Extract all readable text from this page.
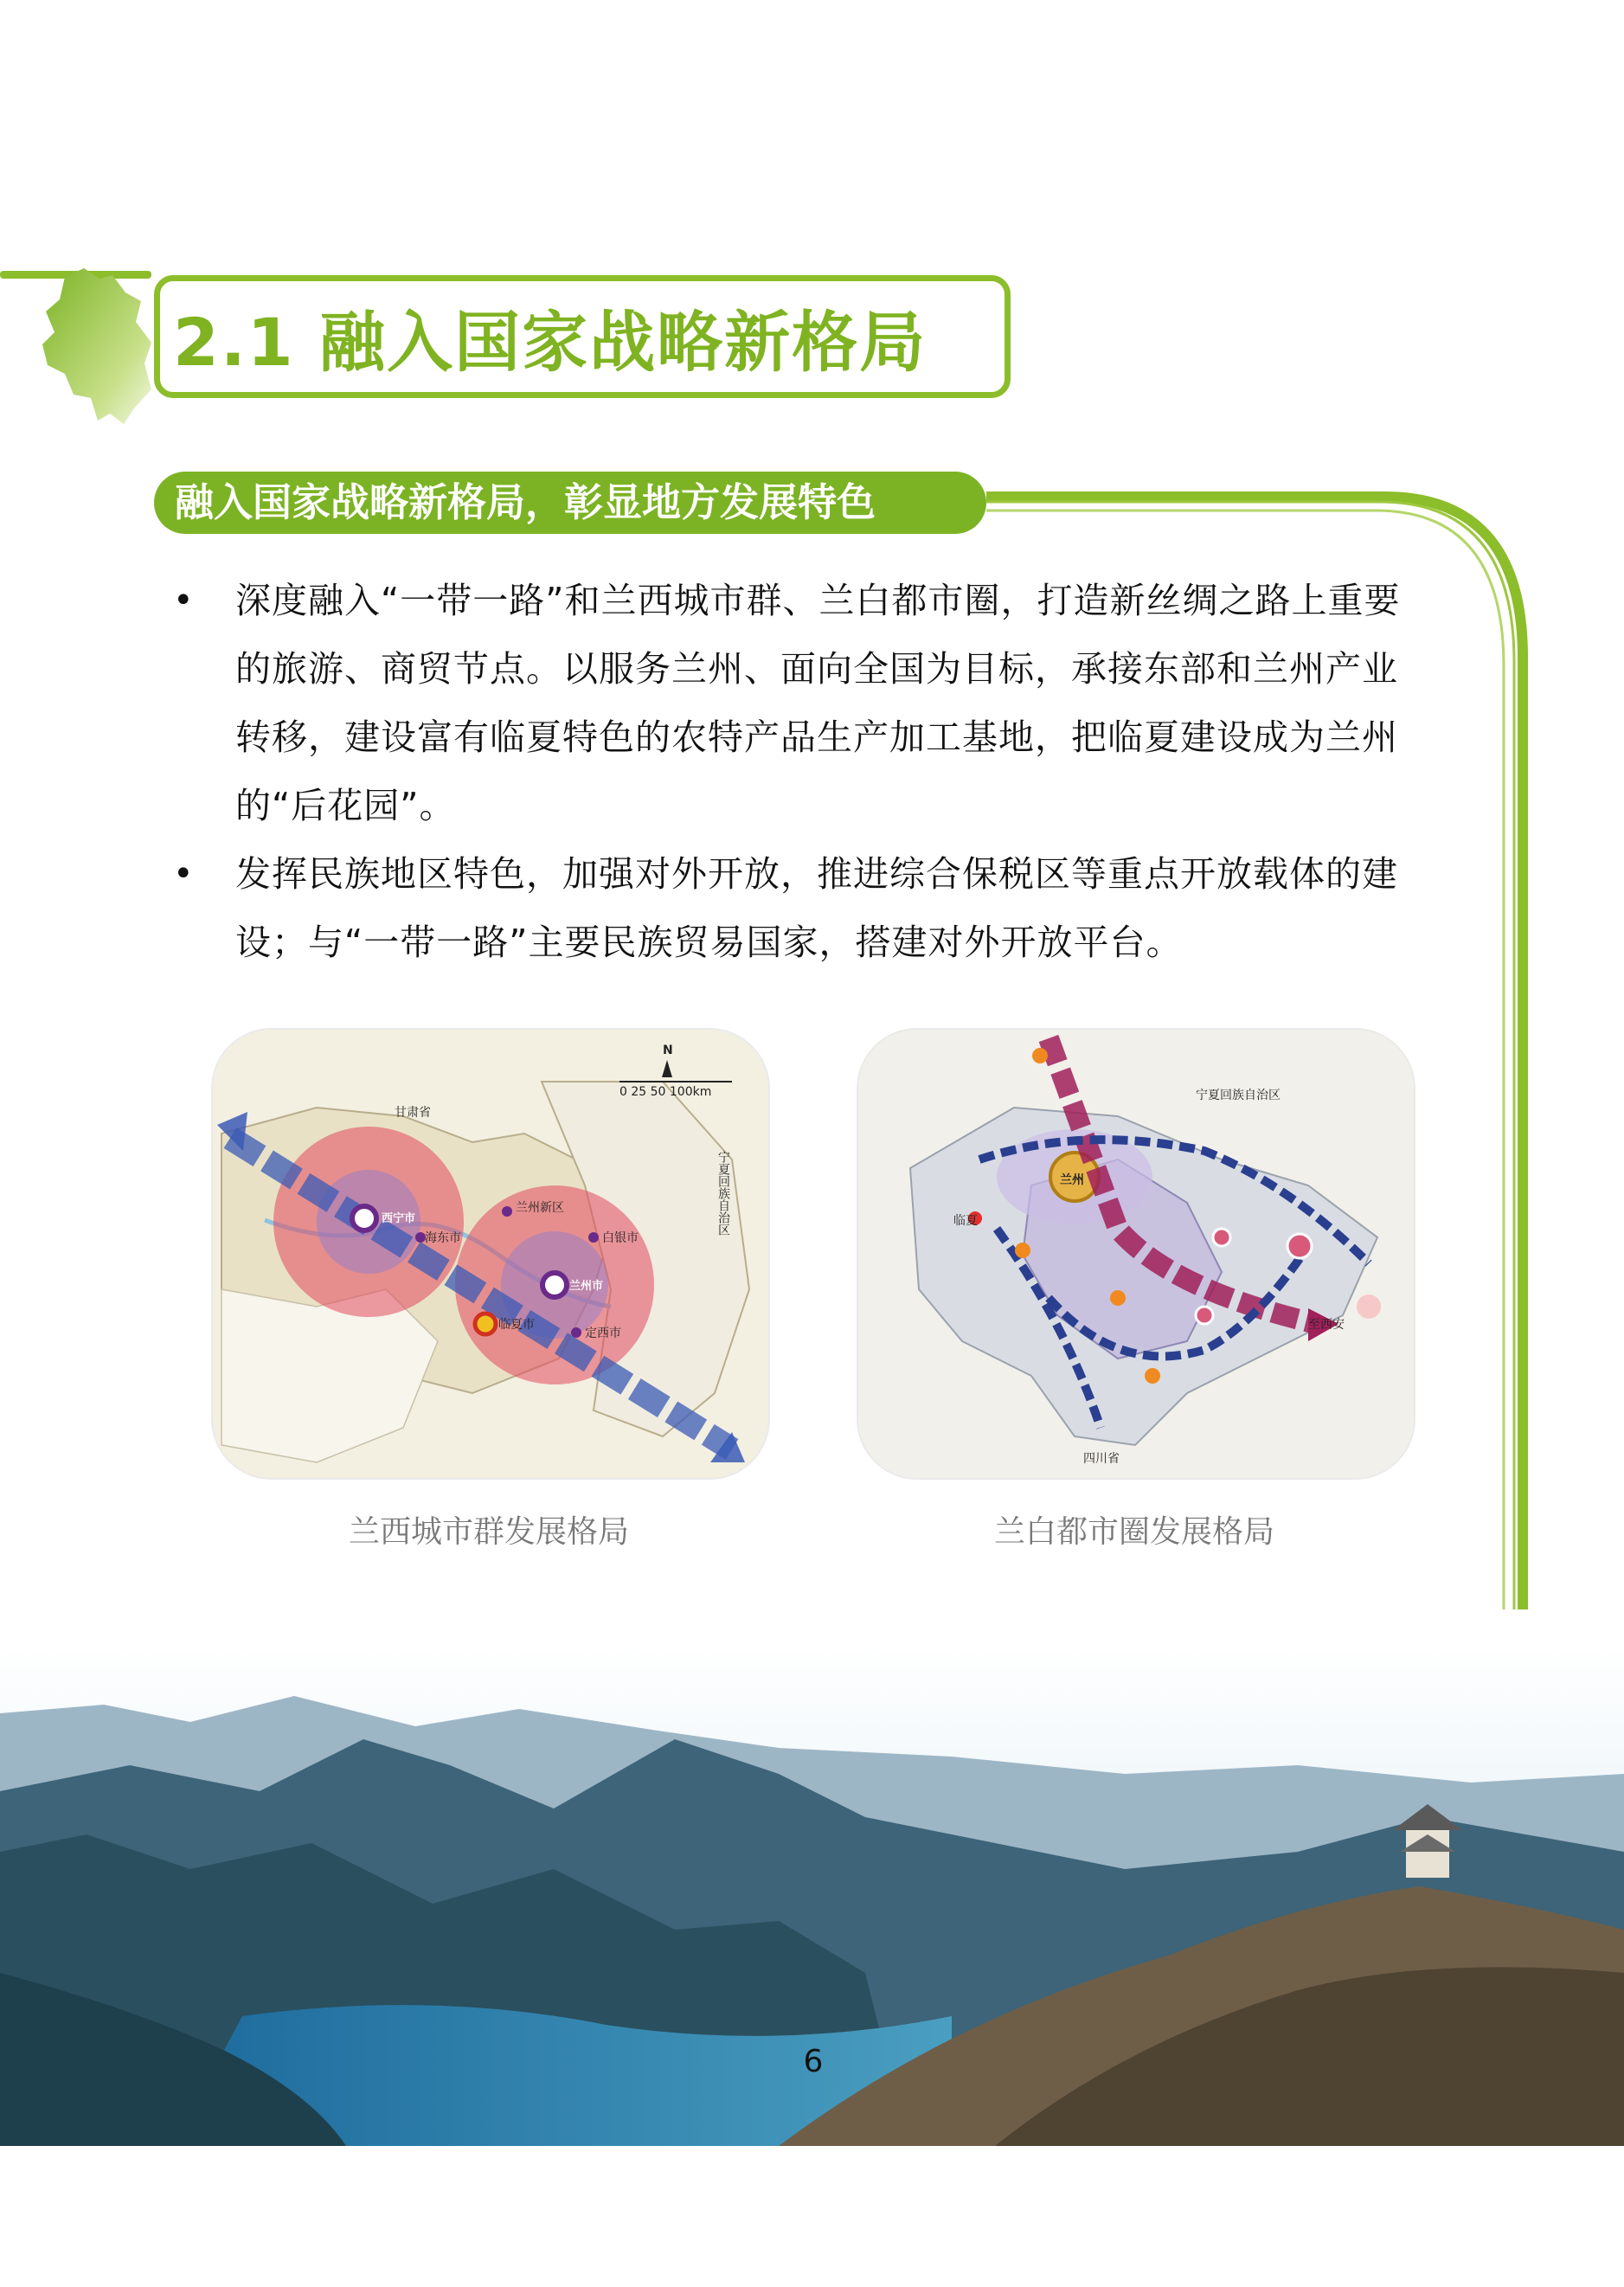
2.1 融入国家战略新格局
融入国家战略新格局，彰显地方发展特色
• 深度融入“一带一路”和兰西城市群、兰白都市圈，打造新丝绸之路上重要的旅游、商贸节点。以服务兰州、面向全国为目标，承接东部和兰州产业转移，建设富有临夏特色的农特产品生产加工基地，把临夏建设成为兰州的“后花园”。
• 发挥民族地区特色，加强对外开放，推进综合保税区等重点开放载体的建设；与“一带一路”主要民族贸易国家，搭建对外开放平台。
甘肃省
西宁市
海东市
兰州新区
白银市
兰州市
临夏市
定西市
宁夏回族自治区
N
0 25 50 100km
兰西城市群发展格局
兰州
临夏
至西安
四川省
宁夏回族自治区
兰白都市圈发展格局
6
